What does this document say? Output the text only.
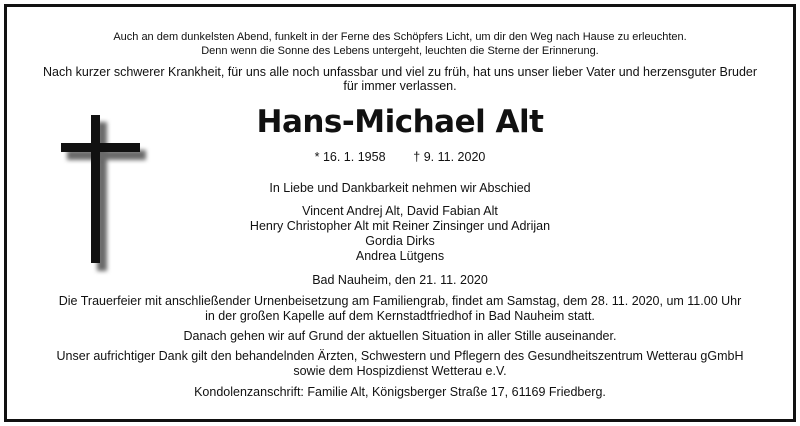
Auch an dem dunkelsten Abend, funkelt in der Ferne des Schöpfers Licht, um dir den Weg nach Hause zu erleuchten.
Denn wenn die Sonne des Lebens untergeht, leuchten die Sterne der Erinnerung.
Nach kurzer schwerer Krankheit, für uns alle noch unfassbar und viel zu früh, hat uns unser lieber Vater und herzensguter Bruder
für immer verlassen.
Hans-Michael Alt
* 16. 1. 1958        † 9. 11. 2020
In Liebe und Dankbarkeit nehmen wir Abschied
Vincent Andrej Alt, David Fabian Alt
Henry Christopher Alt mit Reiner Zinsinger und Adrijan
Gordia Dirks
Andrea Lütgens
Bad Nauheim, den 21. 11. 2020
Die Trauerfeier mit anschließender Urnenbeisetzung am Familiengrab, findet am Samstag, dem 28. 11. 2020, um 11.00 Uhr
in der großen Kapelle auf dem Kernstadtfriedhof in Bad Nauheim statt.
Danach gehen wir auf Grund der aktuellen Situation in aller Stille auseinander.
Unser aufrichtiger Dank gilt den behandelnden Ärzten, Schwestern und Pflegern des Gesundheitszentrum Wetterau gGmbH
sowie dem Hospizdienst Wetterau e.V.
Kondolenzanschrift: Familie Alt, Königsberger Straße 17, 61169 Friedberg.
